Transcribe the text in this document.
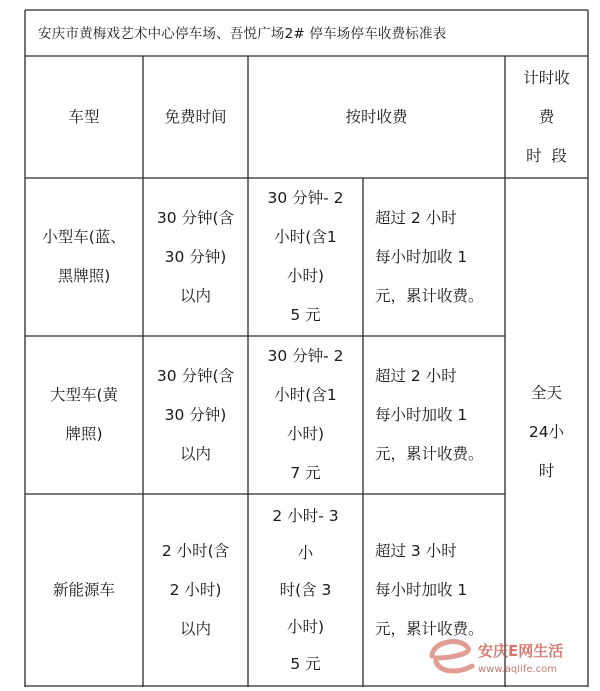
安庆市黄梅戏艺术中心停车场、吾悦广场2# 停车场停车收费标准表
车型	免费时间	按时收费
计时收
费
时  段
小型车(蓝、
黑牌照)
30 分钟(含
30 分钟)
以内
30 分钟- 2
小时(含1
小时)
5 元
超过 2 小时
每小时加收 1
元，累计收费。
大型车(黄
牌照)
30 分钟(含
30 分钟)
以内
30 分钟- 2
小时(含1
小时)
7 元
超过 2 小时
每小时加收 1
元，累计收费。
新能源车
2 小时(含
2 小时)
以内
2 小时- 3
小
时(含 3
小时)
5 元
超过 3 小时
每小时加收 1
元，累计收费。
全天
24小
时
安庆E网生活
www.aqlife.com
